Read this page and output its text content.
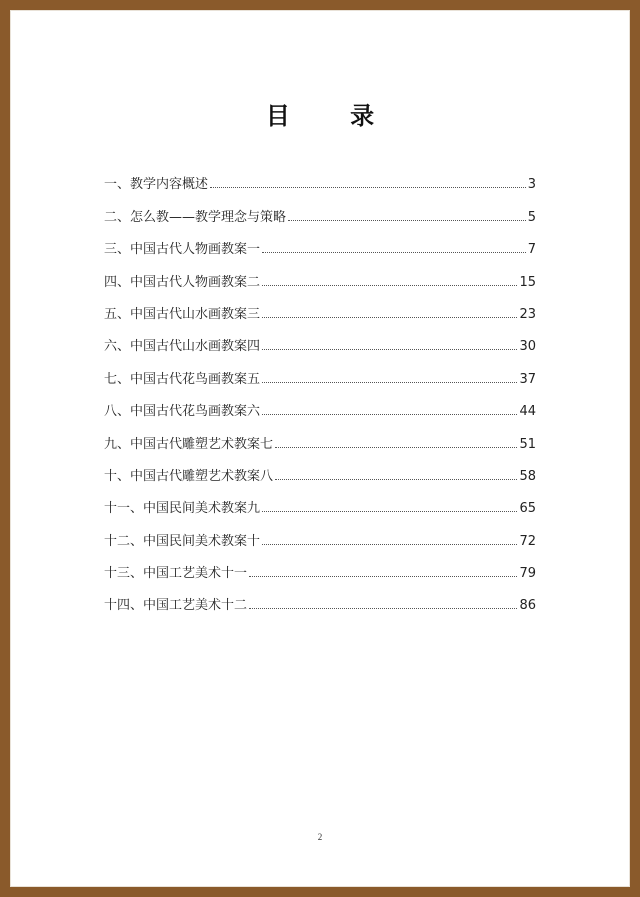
目 录
一、教学内容概述	3
二、怎么教——教学理念与策略	5
三、中国古代人物画教案一	7
四、中国古代人物画教案二	15
五、中国古代山水画教案三	23
六、中国古代山水画教案四	30
七、中国古代花鸟画教案五	37
八、中国古代花鸟画教案六	44
九、中国古代雕塑艺术教案七	51
十、中国古代雕塑艺术教案八	58
十一、中国民间美术教案九	65
十二、中国民间美术教案十	72
十三、中国工艺美术十一	79
十四、中国工艺美术十二	86
2
